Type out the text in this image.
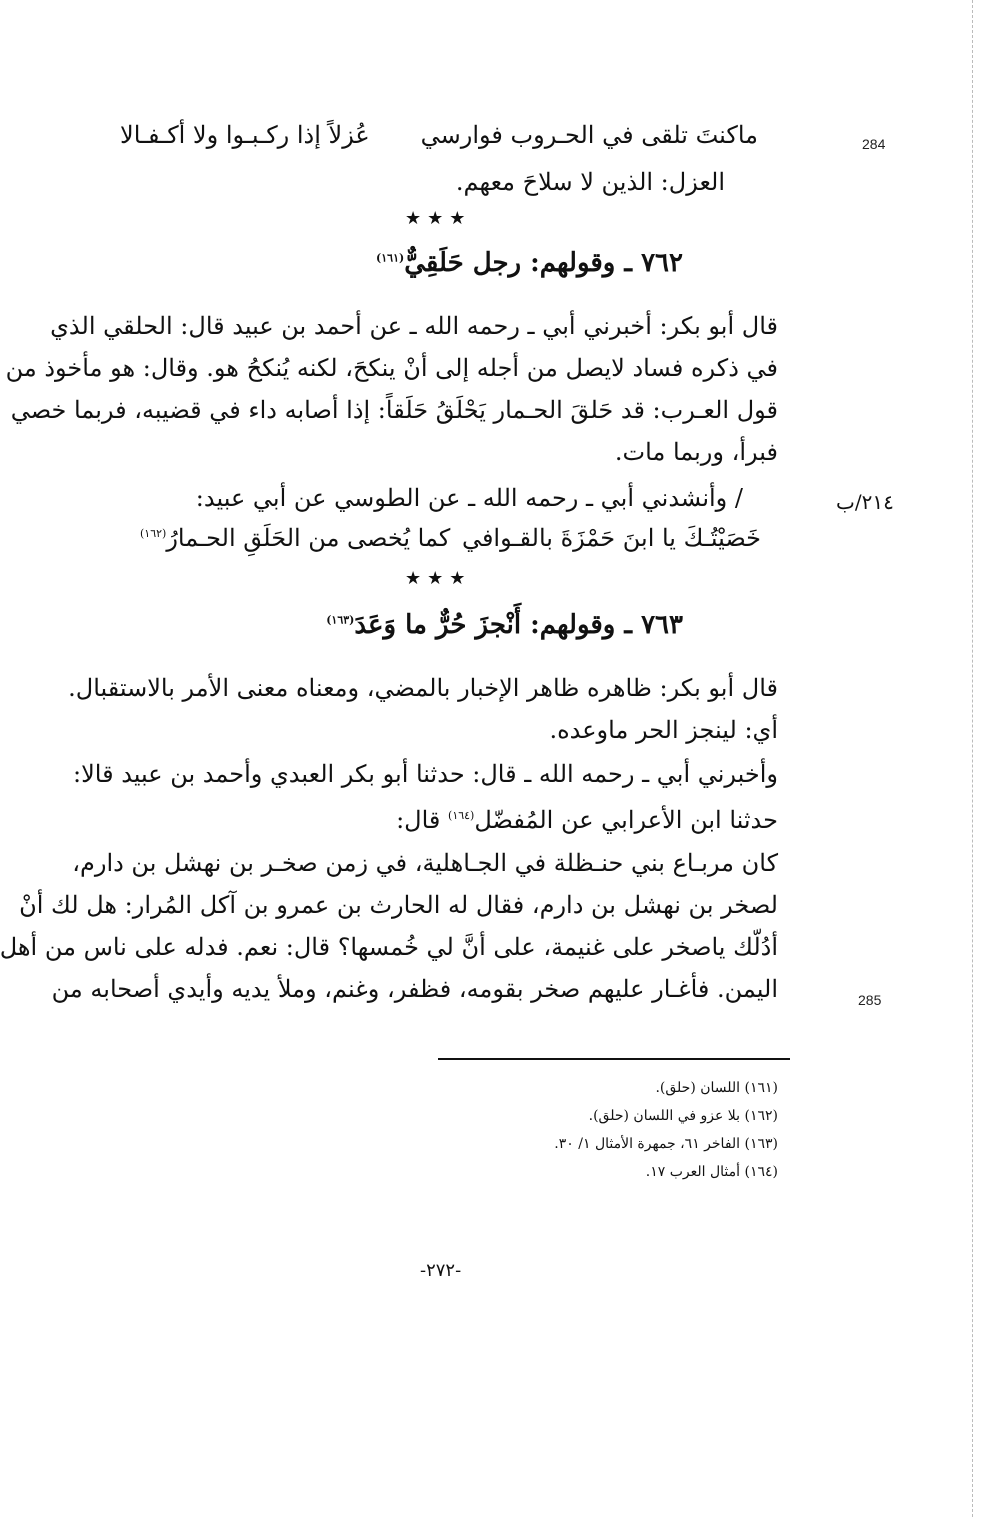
284
285
٢١٤/ب
ماكنتَ تلقى في الحـروب فوارسي
عُزلاً إذا ركـبـوا ولا أكـفـالا
العزل: الذين لا سلاحَ معهم.
★★★
٧٦٢ ـ وقولهم: رجل حَلَقِيٌّ$^{(١٦١)}$
قال أبو بكر: أخبرني أبي ـ رحمه الله ـ عن أحمد بن عبيد قال: الحلقي الذي
في ذكره فساد لايصل من أجله إلى أنْ ينكحَ، لكنه يُنكحُ هو. وقال: هو مأخوذ من
قول العـرب: قد حَلقَ الحـمار يَحْلَقُ حَلَقاً: إذا أصابه داء في قضيبه، فربما خصي
فبرأ، وربما مات.
/ وأنشدني أبي ـ رحمه الله ـ عن الطوسي عن أبي عبيد:
خَصَيْتُـكَ يا ابنَ حَمْزَةَ بالقـوافي
كما يُخصى من الحَلَقِ الحـمارُ$^{(١٦٢)}$
★★★
٧٦٣ ـ وقولهم: أَنْجزَ حُرٌّ ما وَعَدَ$^{(١٦٣)}$
قال أبو بكر: ظاهره ظاهر الإخبار بالمضي، ومعناه معنى الأمر بالاستقبال.
أي: لينجز الحر ماوعده.
وأخبرني أبي ـ رحمه الله ـ قال: حدثنا أبو بكر العبدي وأحمد بن عبيد قالا:
حدثنا ابن الأعرابي عن المُفضّل$^{(١٦٤)}$ قال:
كان مربـاع بني حنـظلة في الجـاهلية، في زمن صخـر بن نهشل بن دارم،
لصخر بن نهشل بن دارم، فقال له الحارث بن عمرو بن آكل المُرار: هل لك أنْ
أدُلّك ياصخر على غنيمة، على أنَّ لي خُمسها؟ قال: نعم. فدله على ناس من أهل
اليمن. فأغـار عليهم صخر بقومه، فظفر، وغنم، وملأ يديه وأيدي أصحابه من
(١٦١) اللسان (حلق).
(١٦٢) بلا عزو في اللسان (حلق).
(١٦٣) الفاخر ٦١، جمهرة الأمثال ١/ ٣٠.
(١٦٤) أمثال العرب ١٧.
-٢٧٢-
